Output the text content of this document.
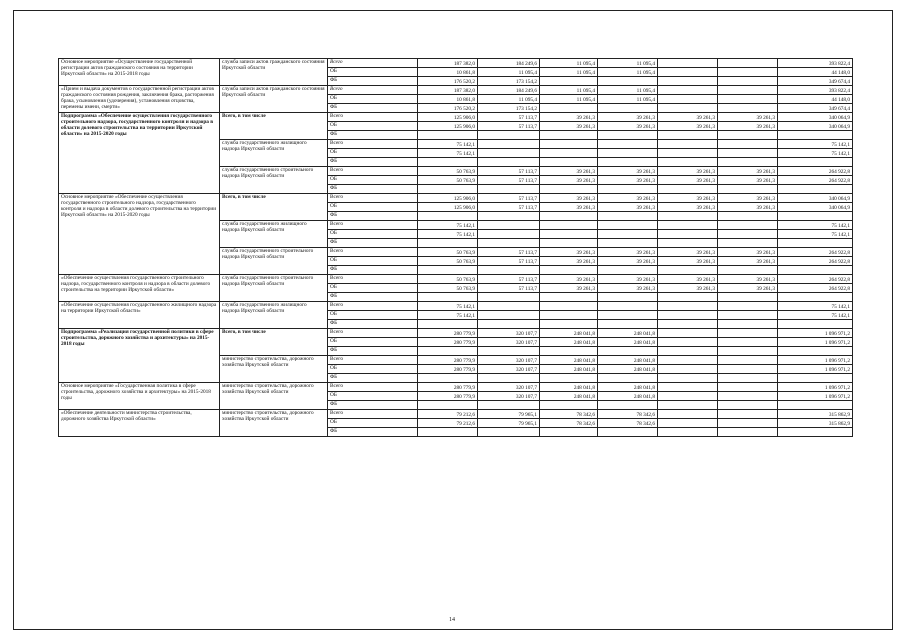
Основное мероприятие «Осуществление государственной регистрации актов гражданского состояния на территории Иркутской области» на 2015-2018 годы	служба записи актов гражданского состояния Иркутской области	Всего	187 382,0	184 249,6	11 095,4	11 095,4			393 822,4
		ОБ	10 861,8	11 095,4	11 095,4	11 095,4			44 148,0
		ФБ	176 520,2	173 154,2					349 674,4
«Прием и выдача документов о государственной регистрации актов гражданского состояния рождения, заключения брака, расторжения брака, усыновления (удочерения), установления отцовства, перемены имени, смерти»	служба записи актов гражданского состояния Иркутской области	Всего	187 382,0	184 249,6	11 095,4	11 095,4			393 822,4
		ОБ	10 861,8	11 095,4	11 095,4	11 095,4			44 148,0
		ФБ	176 520,2	173 154,2					349 674,4
Подпрограмма «Обеспечение осуществления государственного строительного надзора, государственного контроля и надзора в области долевого строительства на территории Иркутской области» на 2015-2020 годы	Всего, в том числе	Всего	125 906,0	57 113,7	39 261,3	39 261,3	39 261,3	39 261,3	340 064,9
		ОБ	125 906,0	57 113,7	39 261,3	39 261,3	39 261,3	39 261,3	340 064,9
		ФБ							
	служба государственного жилищного надзора Иркутской области	Всего	75 142,1						75 142,1
		ОБ	75 142,1						75 142,1
		ФБ							
	служба государственного строительного надзора Иркутской области	Всего	50 763,9	57 113,7	39 261,3	39 261,3	39 261,3	39 261,3	264 922,8
		ОБ	50 763,9	57 113,7	39 261,3	39 261,3	39 261,3	39 261,3	264 922,8
		ФБ							
Основное мероприятие «Обеспечение осуществления государственного строительного надзора, государственного контроля и надзора в области долевого строительства на территории Иркутской области» на 2015-2020 годы	Всего, в том числе	Всего	125 906,0	57 113,7	39 261,3	39 261,3	39 261,3	39 261,3	340 064,9
		ОБ	125 906,0	57 113,7	39 261,3	39 261,3	39 261,3	39 261,3	340 064,9
		ФБ							
	служба государственного жилищного надзора Иркутской области	Всего	75 142,1						75 142,1
		ОБ	75 142,1						75 142,1
		ФБ							
	служба государственного строительного надзора Иркутской области	Всего	50 763,9	57 113,7	39 261,3	39 261,3	39 261,3	39 261,3	264 922,8
		ОБ	50 763,9	57 113,7	39 261,3	39 261,3	39 261,3	39 261,3	264 922,8
		ФБ							
«Обеспечение осуществления государственного строительного надзора, государственного контроля и надзора в области долевого строительства на территории Иркутской области»	служба государственного строительного надзора Иркутской области	Всего	50 763,9	57 113,7	39 261,3	39 261,3	39 261,3	39 261,3	264 922,8
		ОБ	50 763,9	57 113,7	39 261,3	39 261,3	39 261,3	39 261,3	264 922,8
		ФБ							
«Обеспечение осуществления государственного жилищного надзора на территории Иркутской области»	служба государственного жилищного надзора Иркутской области	Всего	75 142,1						75 142,1
		ОБ	75 142,1						75 142,1
		ФБ							
Подпрограмма «Реализация государственной политики в сфере строительства, дорожного хозяйства и архитектуры» на 2015-2018 годы	Всего, в том числе	Всего	280 779,9	320 107,7	248 041,8	248 041,8			1 096 971,2
		ОБ	280 779,9	320 107,7	248 041,8	248 041,8			1 096 971,2
		ФБ							
	министерство строительства, дорожного хозяйства Иркутской области	Всего	280 779,9	320 107,7	248 041,8	248 041,8			1 096 971,2
		ОБ	280 779,9	320 107,7	248 041,8	248 041,8			1 096 971,2
		ФБ							
Основное мероприятие «Государственная политика в сфере строительства, дорожного хозяйства и архитектуры» на 2015-2018 годы	министерство строительства, дорожного хозяйства Иркутской области	Всего	280 779,9	320 107,7	248 041,8	248 041,8			1 096 971,2
		ОБ	280 779,9	320 107,7	248 041,8	248 041,8			1 096 971,2
		ФБ							
«Обеспечение деятельности министерства строительства, дорожного хозяйства Иркутской области»	министерство строительства, дорожного хозяйства Иркутской области	Всего	79 212,6	79 965,1	78 342,6	78 342,6			315 862,9
		ОБ	79 212,6	79 965,1	78 342,6	78 342,6			315 862,9
		ФБ							
14
